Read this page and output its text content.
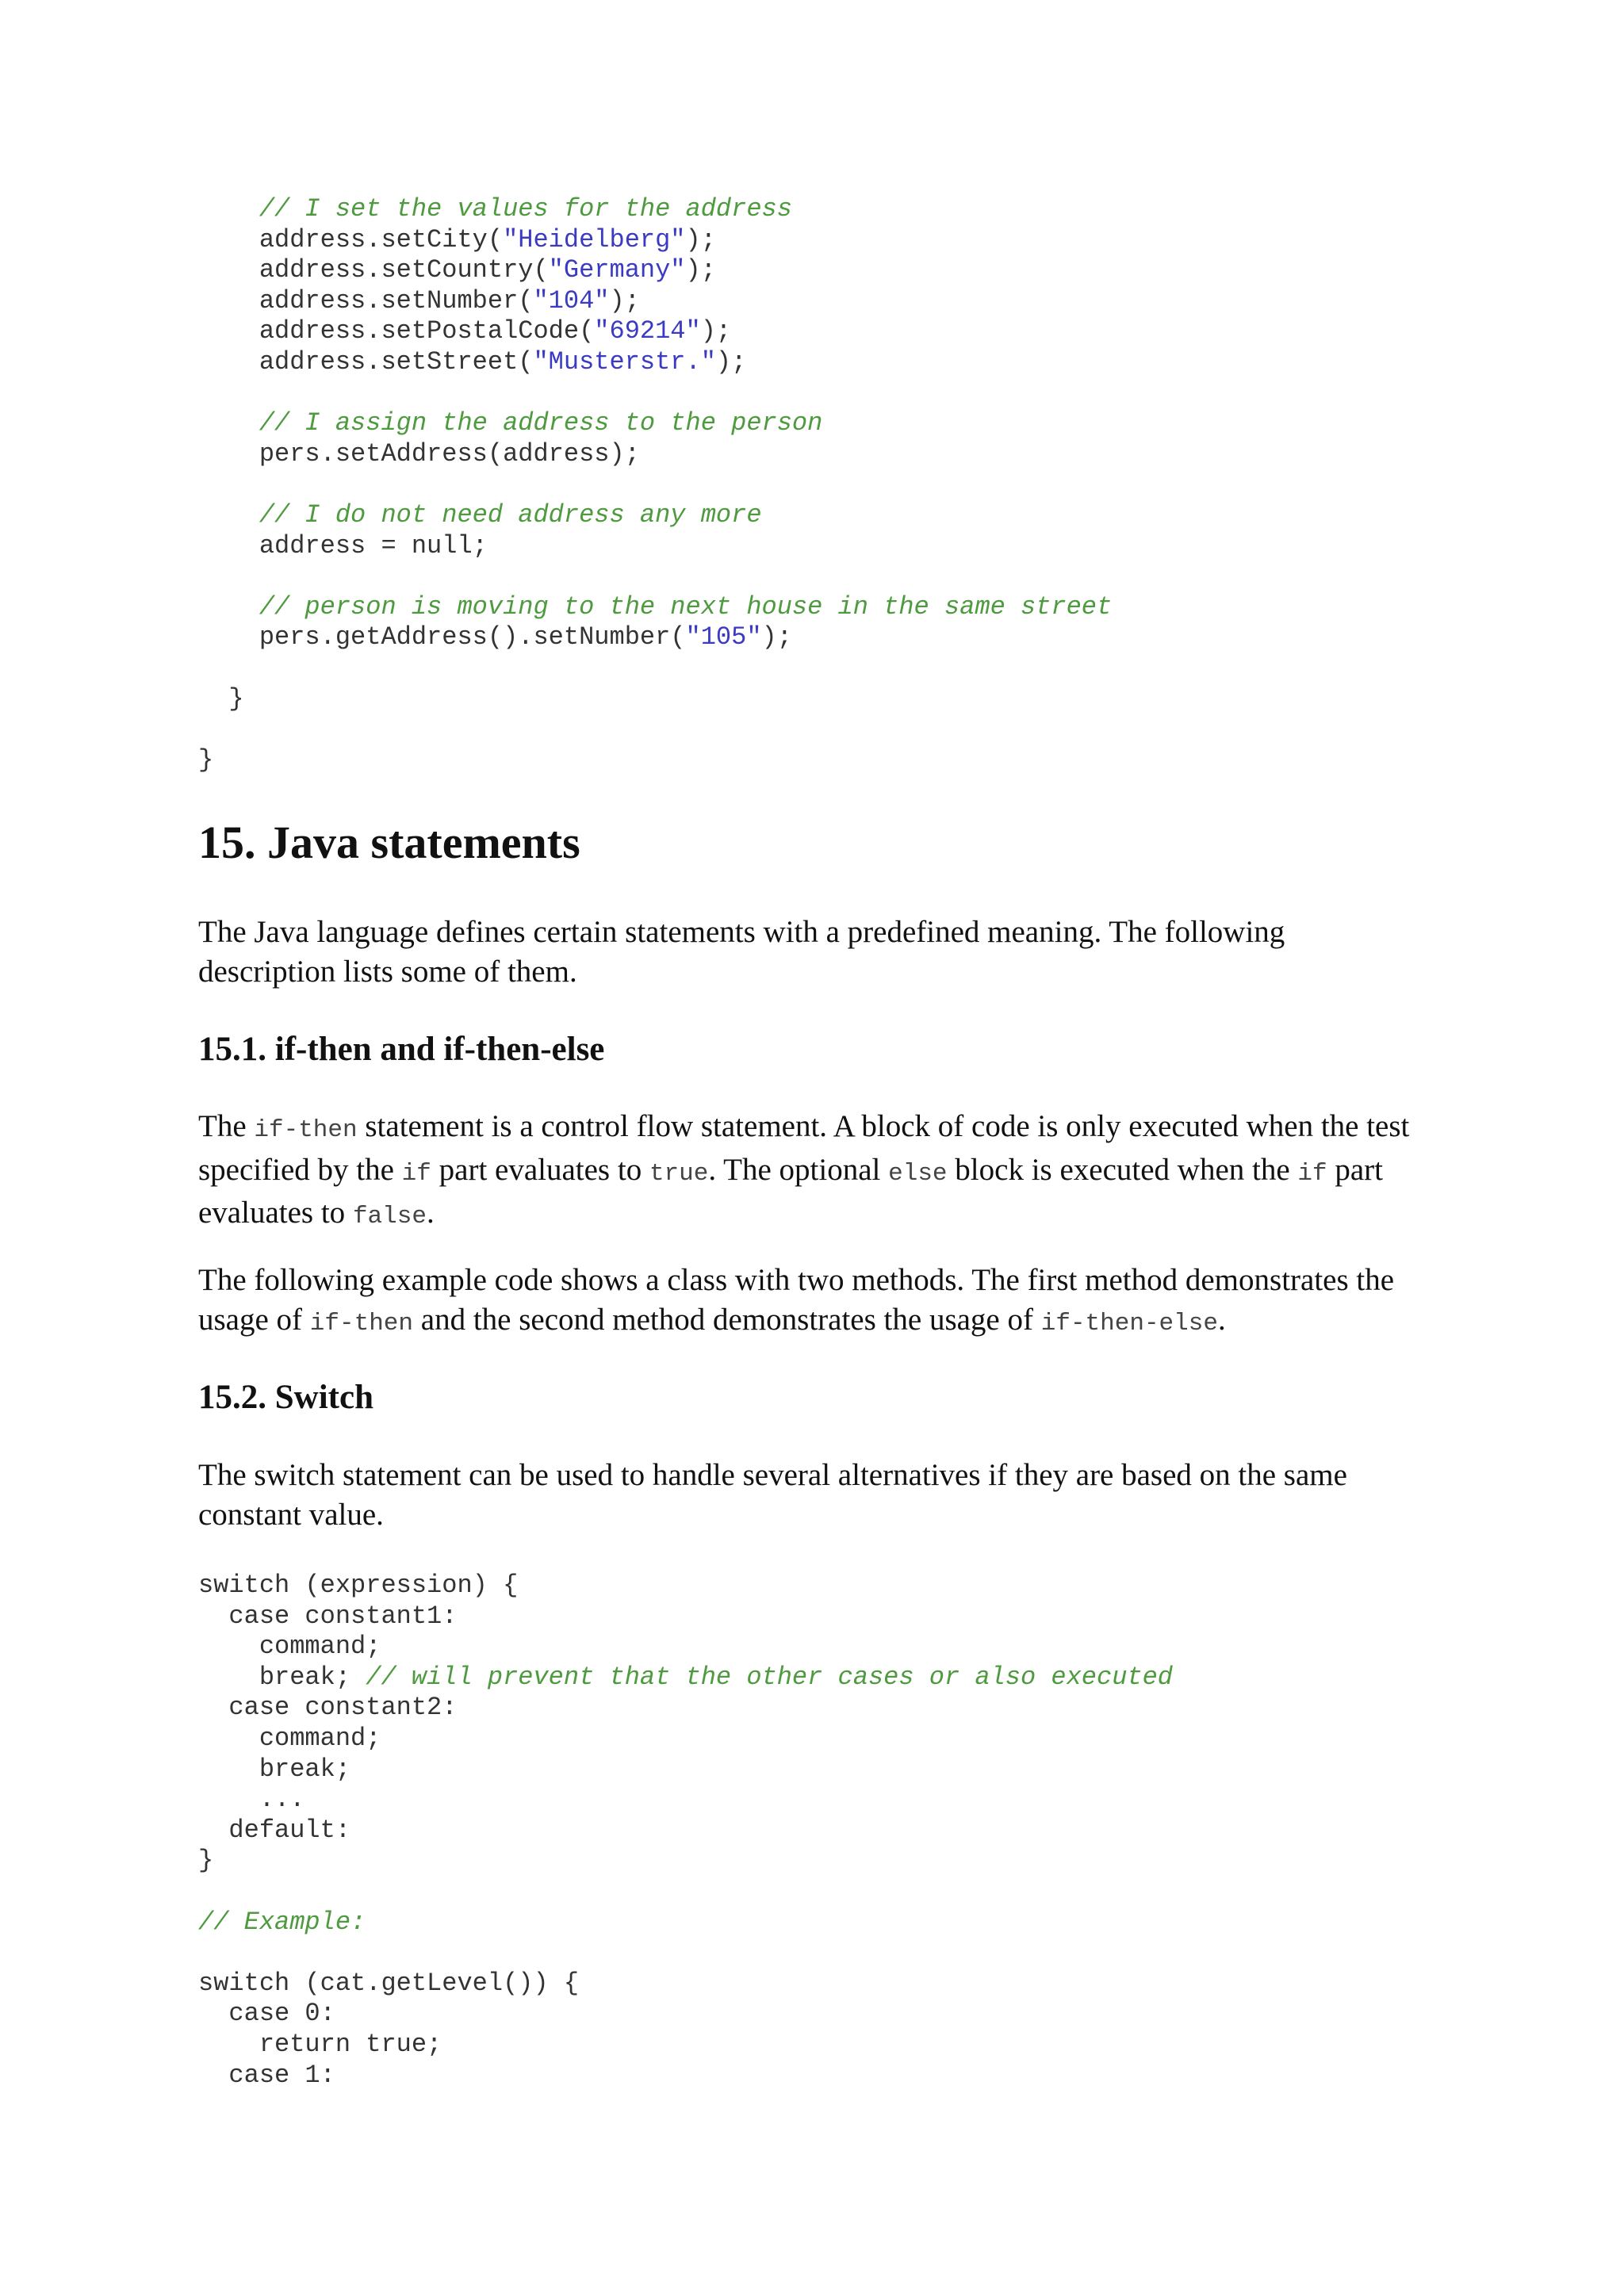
// I set the values for the address
address.setCity("Heidelberg");
address.setCountry("Germany");
address.setNumber("104");
address.setPostalCode("69214");
address.setStreet("Musterstr.");
// I assign the address to the person
pers.setAddress(address);
// I do not need address any more
address = null;
// person is moving to the next house in the same street
pers.getAddress().setNumber("105");
}
}
15. Java statements

The Java language defines certain statements with a predefined meaning. The following description lists some of them.

15.1. if-then and if-then-else

The if-then statement is a control flow statement. A block of code is only executed when the test specified by the if part evaluates to true. The optional else block is executed when the if part evaluates to false.

The following example code shows a class with two methods. The first method demonstrates the usage of if-then and the second method demonstrates the usage of if-then-else.

15.2. Switch

The switch statement can be used to handle several alternatives if they are based on the same constant value.

switch (expression) {
case constant1:
command;
break; // will prevent that the other cases or also executed
case constant2:
command;
break;
...
default:
}
// Example:
switch (cat.getLevel()) {
case 0:
return true;
case 1:
